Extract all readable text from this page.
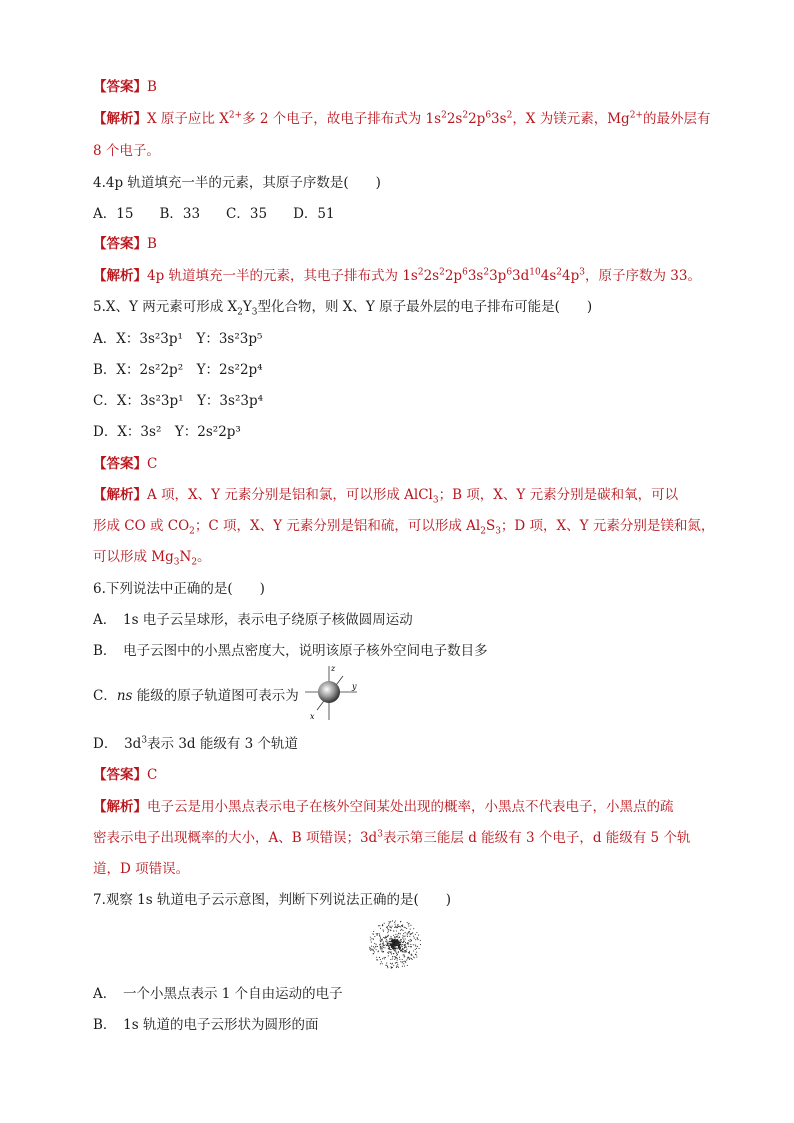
【答案】B
【解析】X 原子应比 $X^{2+}$多 2 个电子，故电子排布式为 $1s^22s^22p^63s^2$，X 为镁元素，$Mg^{2+}$的最外层有
8 个电子。
4.4p 轨道填充一半的元素，其原子序数是(　　)
A．15 B．33 C．35 D．51
【答案】B
【解析】4p 轨道填充一半的元素，其电子排布式为 $1s^22s^22p^63s^23p^63d^{10}4s^24p^3$，原子序数为 33。
5.X、Y 两元素可形成 $X_2Y_3$型化合物，则 X、Y 原子最外层的电子排布可能是(　　)
A．X：3s²3p¹　Y：3s²3p⁵
B．X：2s²2p²　Y：2s²2p⁴
C．X：3s²3p¹　Y：3s²3p⁴
D．X：3s²　Y：2s²2p³
【答案】C
【解析】A 项，X、Y 元素分别是铝和氯，可以形成 AlCl$_3$；B 项，X、Y 元素分别是碳和氧，可以
形成 CO 或 $CO_2$；C 项，X、Y 元素分别是铝和硫，可以形成 $Al_2S_3$；D 项，X、Y 元素分别是镁和氮，
可以形成 $Mg_3N_2$。
6.下列说法中正确的是(　　)
A．　1s 电子云呈球形，表示电子绕原子核做圆周运动
B．　电子云图中的小黑点密度大，说明该原子核外空间电子数目多
C．ns 能级的原子轨道图可表示为
z
y
x
D．　$3d^3$表示 3d 能级有 3 个轨道
【答案】C
【解析】电子云是用小黑点表示电子在核外空间某处出现的概率，小黑点不代表电子，小黑点的疏
密表示电子出现概率的大小，A、B 项错误；$3d^3$表示第三能层 d 能级有 3 个电子，d 能级有 5 个轨
道，D 项错误。
7.观察 1s 轨道电子云示意图，判断下列说法正确的是(　　)
A．　一个小黑点表示 1 个自由运动的电子
B．　1s 轨道的电子云形状为圆形的面
